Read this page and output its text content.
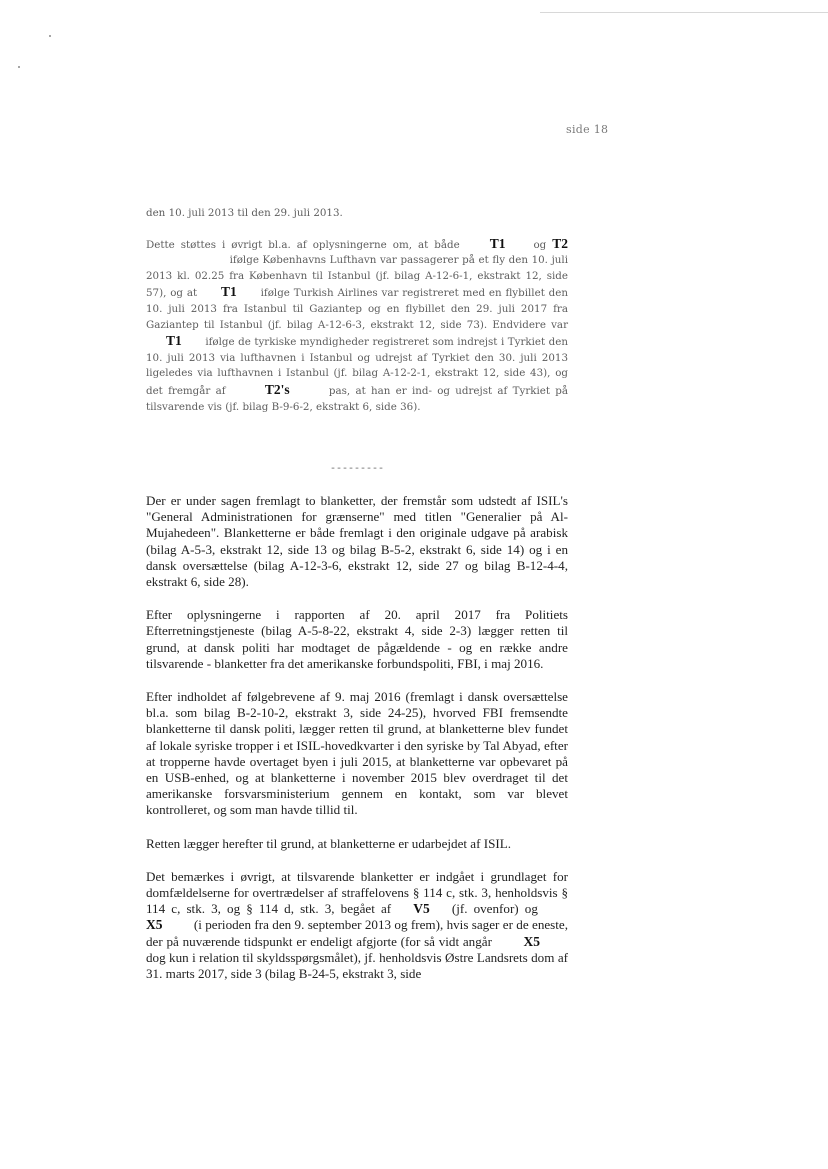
side 18

den 10. juli 2013 til den 29. juli 2013.

Dette støttes i øvrigt bl.a. af oplysningerne om, at både T1	og T2  ifølge Københavns Lufthavn var passagerer på et fly den 10. juli 2013 kl. 02.25 fra København til Istanbul (jf. bilag A-12-6-1, ekstrakt 12, side 57), og at T1 ifølge Turkish Airlines var registreret med en flybillet den 10. juli 2013 fra Istanbul til Gaziantep og en flybillet den 29. juli 2017 fra Gaziantep til Istanbul (jf. bilag A-12-6-3, ekstrakt 12, side 73). Endvidere var T1 ifølge de tyrkiske myndigheder registreret som indrejst i Tyrkiet den 10. juli 2013 via lufthavnen i Istanbul og udrejst af Tyrkiet den 30. juli 2013 ligeledes via lufthavnen i Istanbul (jf. bilag A-12-2-1, ekstrakt 12, side 43), og det fremgår af	T2's	pas, at han er ind- og udrejst af Tyrkiet på tilsvarende vis (jf. bilag B-9-6-2, ekstrakt 6, side 36).

---------

Der er under sagen fremlagt to blanketter, der fremstår som udstedt af ISIL's "General Administrationen for grænserne" med titlen "Generalier på Al-Mujahedeen". Blanketterne er både fremlagt i den originale udgave på arabisk (bilag A-5-3, ekstrakt 12, side 13 og bilag B-5-2, ekstrakt 6, side 14) og i en dansk oversættelse (bilag A-12-3-6, ekstrakt 12, side 27 og bilag B-12-4-4, ekstrakt 6, side 28).

Efter oplysningerne i rapporten af 20. april 2017 fra Politiets Efterretningstjeneste (bilag A-5-8-22, ekstrakt 4, side 2-3) lægger retten til grund, at dansk politi har modtaget de pågældende - og en række andre tilsvarende - blanketter fra det amerikanske forbundspoliti, FBI, i maj 2016.

Efter indholdet af følgebrevene af 9. maj 2016 (fremlagt i dansk oversættelse bl.a. som bilag B-2-10-2, ekstrakt 3, side 24-25), hvorved FBI fremsendte blanketterne til dansk politi, lægger retten til grund, at blanketterne blev fundet af lokale syriske tropper i et ISIL-hovedkvarter i den syriske by Tal Abyad, efter at tropperne havde overtaget byen i juli 2015, at blanketterne var opbevaret på en USB-enhed, og at blanketterne i november 2015 blev overdraget til det amerikanske forsvarsministerium gennem en kontakt, som var blevet kontrolleret, og som man havde tillid til.

Retten lægger herefter til grund, at blanketterne er udarbejdet af ISIL.

Det bemærkes i øvrigt, at tilsvarende blanketter er indgået i grundlaget for domfældelserne for overtrædelser af straffelovens § 114 c, stk. 3, henholdsvis § 114 c, stk. 3, og § 114 d, stk. 3, begået af V5 (jf. ovenfor) og  X5 (i perioden fra den 9. september 2013 og frem), hvis sager er de eneste, der på nuværende tidspunkt er endeligt afgjorte (for så vidt angår X5 dog kun i relation til skyldsspørgsmålet), jf. henholdsvis Østre Landsrets dom af 31. marts 2017, side 3 (bilag B-24-5, ekstrakt 3, side
